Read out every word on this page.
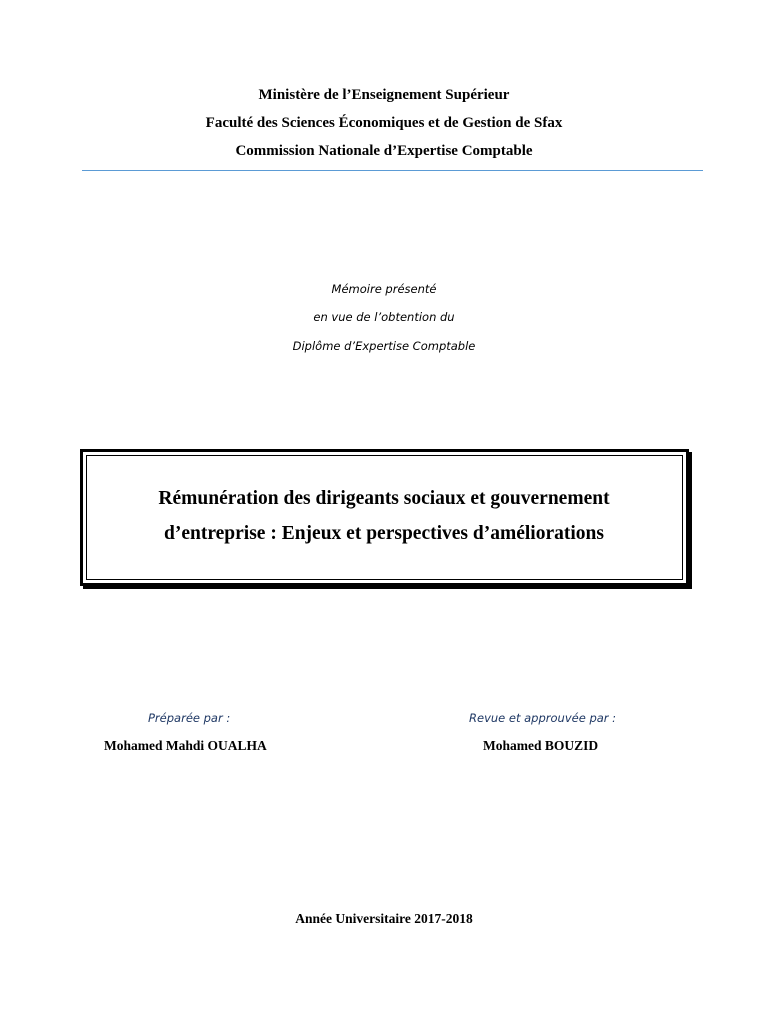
Ministère de l’Enseignement Supérieur
Faculté des Sciences Économiques et de Gestion de Sfax
Commission Nationale d’Expertise Comptable
Mémoire présenté
en vue de l’obtention du
Diplôme d’Expertise Comptable
Rémunération des dirigeants sociaux et gouvernement
d’entreprise : Enjeux et perspectives d’améliorations
Préparée par :	Revue et approuvée par :
Mohamed Mahdi OUALHA	Mohamed BOUZID
Année Universitaire 2017-2018
